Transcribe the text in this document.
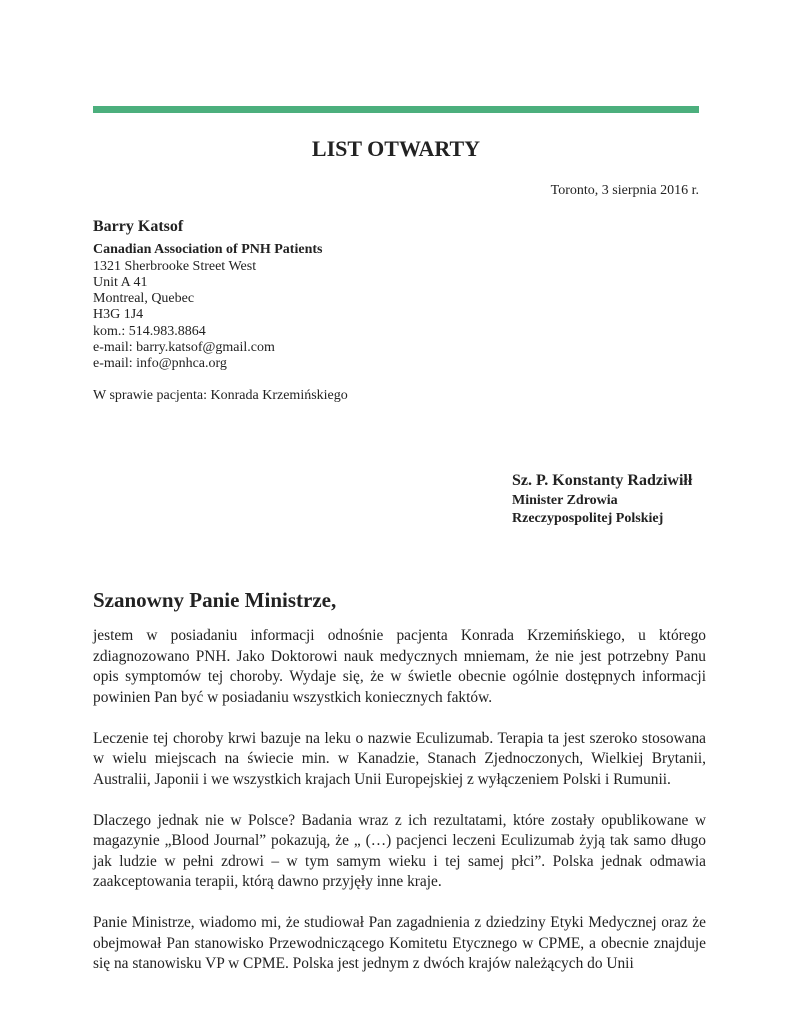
LIST OTWARTY
Toronto, 3 sierpnia 2016 r.
Barry Katsof
Canadian Association of PNH Patients
1321 Sherbrooke Street West
Unit A 41
Montreal, Quebec
H3G 1J4
kom.: 514.983.8864
e-mail: barry.katsof@gmail.com
e-mail: info@pnhca.org
W sprawie pacjenta: Konrada Krzemińskiego
Sz. P. Konstanty Radziwiłł
Minister Zdrowia
Rzeczypospolitej Polskiej
Szanowny Panie Ministrze,

jestem w posiadaniu informacji odnośnie pacjenta Konrada Krzemińskiego, u którego zdiagnozowano PNH. Jako Doktorowi nauk medycznych mniemam, że nie jest potrzebny Panu opis symptomów tej choroby. Wydaje się, że w świetle obecnie ogólnie dostępnych informacji powinien Pan być w posiadaniu wszystkich koniecznych faktów.

Leczenie tej choroby krwi bazuje na leku o nazwie Eculizumab. Terapia ta jest szeroko stosowana w wielu miejscach na świecie min. w Kanadzie, Stanach Zjednoczonych, Wielkiej Brytanii, Australii, Japonii i we wszystkich krajach Unii Europejskiej z wyłączeniem Polski i Rumunii.

Dlaczego jednak nie w Polsce? Badania wraz z ich rezultatami, które zostały opublikowane w magazynie „Blood Journal” pokazują, że „ (…) pacjenci leczeni Eculizumab żyją tak samo długo jak ludzie w pełni zdrowi – w tym samym wieku i tej samej płci”. Polska jednak odmawia zaakceptowania terapii, którą dawno przyjęły inne kraje.

Panie Ministrze, wiadomo mi, że studiował Pan zagadnienia z dziedziny Etyki Medycznej oraz że obejmował Pan stanowisko Przewodniczącego Komitetu Etycznego w CPME, a obecnie znajduje się na stanowisku VP w CPME. Polska jest jednym z dwóch krajów należących do Unii
